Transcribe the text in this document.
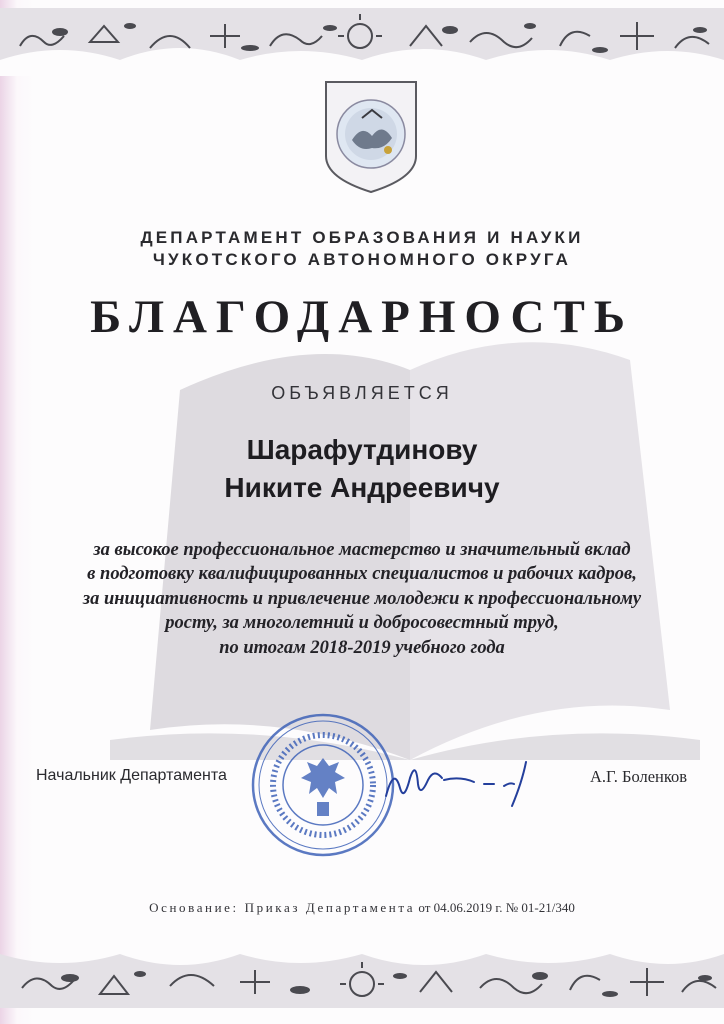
ДЕПАРТАМЕНТ ОБРАЗОВАНИЯ И НАУКИ
ЧУКОТСКОГО АВТОНОМНОГО ОКРУГА
БЛАГОДАРНОСТЬ
ОБЪЯВЛЯЕТСЯ
Шарафутдинову
Никите Андреевичу
за высокое профессиональное мастерство и значительный вклад
в подготовку квалифицированных специалистов и рабочих кадров,
за инициативность и привлечение молодежи к профессиональному
росту, за многолетний и добросовестный труд,
по итогам 2018-2019 учебного года
Начальник Департамента	А.Г. Боленков
Основание: Приказ Департамента от 04.06.2019 г. № 01-21/340
